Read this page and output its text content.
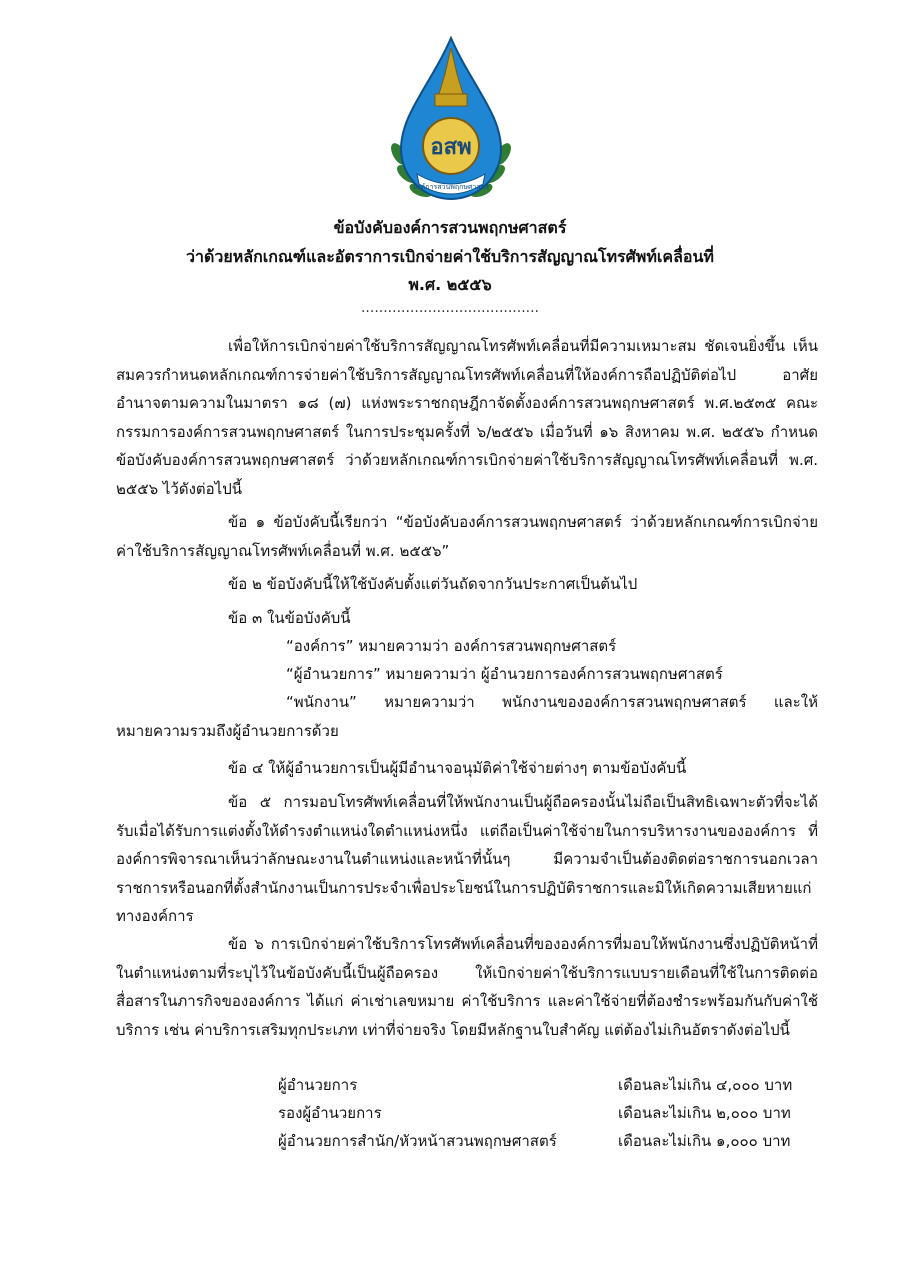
อสพ
องค์การสวนพฤกษศาสตร์
ข้อบังคับองค์การสวนพฤกษศาสตร์
ว่าด้วยหลักเกณฑ์และอัตราการเบิกจ่ายค่าใช้บริการสัญญาณโทรศัพท์เคลื่อนที่
พ.ศ. ๒๕๕๖
........................................
เพื่อให้การเบิกจ่ายค่าใช้บริการสัญญาณโทรศัพท์เคลื่อนที่มีความเหมาะสม ชัดเจนยิ่งขึ้น เห็นสมควรกำหนดหลักเกณฑ์การจ่ายค่าใช้บริการสัญญาณโทรศัพท์เคลื่อนที่ให้องค์การถือปฏิบัติต่อไป อาศัยอำนาจตามความในมาตรา ๑๘ (๗) แห่งพระราชกฤษฎีกาจัดตั้งองค์การสวนพฤกษศาสตร์ พ.ศ.๒๕๓๕ คณะกรรมการองค์การสวนพฤกษศาสตร์ ในการประชุมครั้งที่ ๖/๒๕๕๖ เมื่อวันที่ ๑๖ สิงหาคม พ.ศ. ๒๕๕๖ กำหนดข้อบังคับองค์การสวนพฤกษศาสตร์ ว่าด้วยหลักเกณฑ์การเบิกจ่ายค่าใช้บริการสัญญาณโทรศัพท์เคลื่อนที่ พ.ศ. ๒๕๕๖ ไว้ดังต่อไปนี้
ข้อ ๑ ข้อบังคับนี้เรียกว่า “ข้อบังคับองค์การสวนพฤกษศาสตร์ ว่าด้วยหลักเกณฑ์การเบิกจ่ายค่าใช้บริการสัญญาณโทรศัพท์เคลื่อนที่ พ.ศ. ๒๕๕๖”
ข้อ ๒ ข้อบังคับนี้ให้ใช้บังคับตั้งแต่วันถัดจากวันประกาศเป็นต้นไป
ข้อ ๓ ในข้อบังคับนี้
“องค์การ” หมายความว่า องค์การสวนพฤกษศาสตร์
“ผู้อำนวยการ” หมายความว่า ผู้อำนวยการองค์การสวนพฤกษศาสตร์
“พนักงาน” หมายความว่า พนักงานขององค์การสวนพฤกษศาสตร์ และให้หมายความรวมถึงผู้อำนวยการด้วย
ข้อ ๔ ให้ผู้อำนวยการเป็นผู้มีอำนาจอนุมัติค่าใช้จ่ายต่างๆ ตามข้อบังคับนี้
ข้อ ๕ การมอบโทรศัพท์เคลื่อนที่ให้พนักงานเป็นผู้ถือครองนั้นไม่ถือเป็นสิทธิเฉพาะตัวที่จะได้รับเมื่อได้รับการแต่งตั้งให้ดำรงตำแหน่งใดตำแหน่งหนึ่ง แต่ถือเป็นค่าใช้จ่ายในการบริหารงานขององค์การ ที่องค์การพิจารณาเห็นว่าลักษณะงานในตำแหน่งและหน้าที่นั้นๆ มีความจำเป็นต้องติดต่อราชการนอกเวลาราชการหรือนอกที่ตั้งสำนักงานเป็นการประจำเพื่อประโยชน์ในการปฏิบัติราชการและมิให้เกิดความเสียหายแก่ทางองค์การ
ข้อ ๖ การเบิกจ่ายค่าใช้บริการโทรศัพท์เคลื่อนที่ขององค์การที่มอบให้พนักงานซึ่งปฏิบัติหน้าที่ในตำแหน่งตามที่ระบุไว้ในข้อบังคับนี้เป็นผู้ถือครอง ให้เบิกจ่ายค่าใช้บริการแบบรายเดือนที่ใช้ในการติดต่อสื่อสารในภารกิจขององค์การ ได้แก่ ค่าเช่าเลขหมาย ค่าใช้บริการ และค่าใช้จ่ายที่ต้องชำระพร้อมกันกับค่าใช้บริการ เช่น ค่าบริการเสริมทุกประเภท เท่าที่จ่ายจริง โดยมีหลักฐานใบสำคัญ แต่ต้องไม่เกินอัตราดังต่อไปนี้
ผู้อำนวยการ	เดือนละไม่เกิน ๔,๐๐๐ บาท
รองผู้อำนวยการ	เดือนละไม่เกิน ๒,๐๐๐ บาท
ผู้อำนวยการสำนัก/หัวหน้าสวนพฤกษศาสตร์	เดือนละไม่เกิน ๑,๐๐๐ บาท
